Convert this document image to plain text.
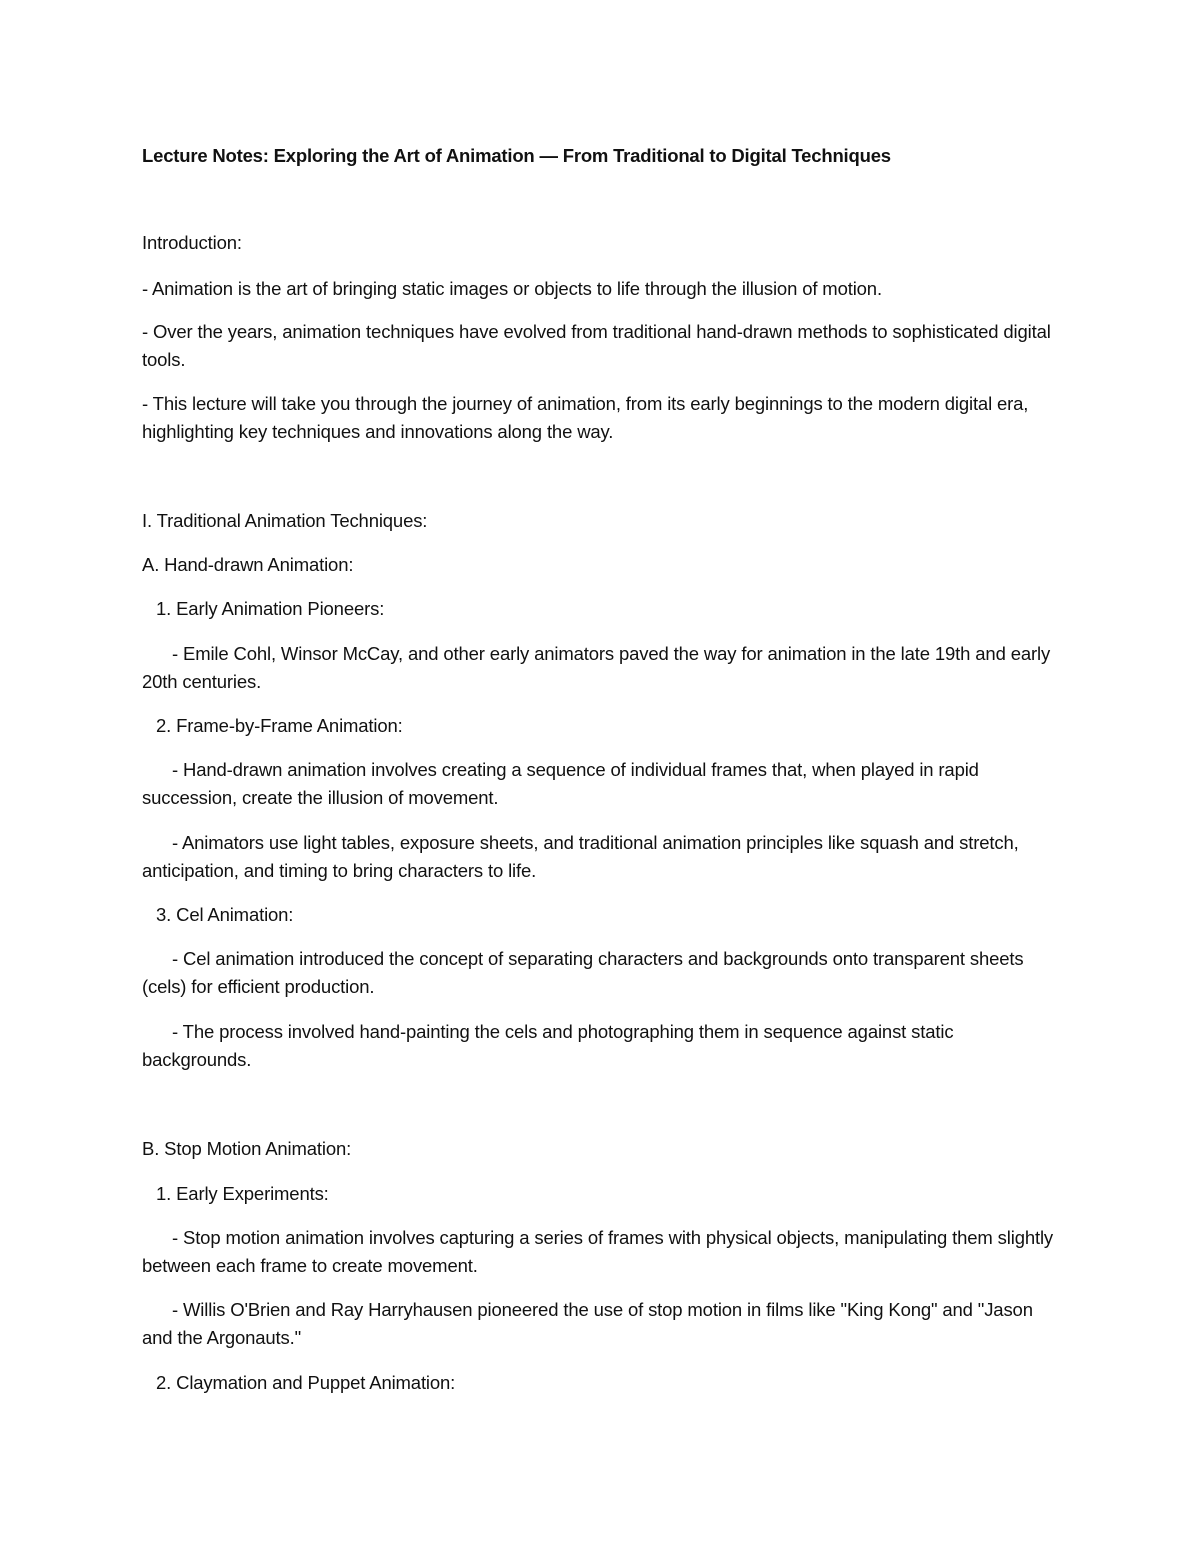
Lecture Notes: Exploring the Art of Animation — From Traditional to Digital Techniques

Introduction:

- Animation is the art of bringing static images or objects to life through the illusion of motion.

- Over the years, animation techniques have evolved from traditional hand-drawn methods to sophisticated digital tools.

- This lecture will take you through the journey of animation, from its early beginnings to the modern digital era, highlighting key techniques and innovations along the way.

I. Traditional Animation Techniques:

A. Hand-drawn Animation:

1. Early Animation Pioneers:

- Emile Cohl, Winsor McCay, and other early animators paved the way for animation in the late 19th and early 20th centuries.

2. Frame-by-Frame Animation:

- Hand-drawn animation involves creating a sequence of individual frames that, when played in rapid succession, create the illusion of movement.

- Animators use light tables, exposure sheets, and traditional animation principles like squash and stretch, anticipation, and timing to bring characters to life.

3. Cel Animation:

- Cel animation introduced the concept of separating characters and backgrounds onto transparent sheets (cels) for efficient production.

- The process involved hand-painting the cels and photographing them in sequence against static backgrounds.

B. Stop Motion Animation:

1. Early Experiments:

- Stop motion animation involves capturing a series of frames with physical objects, manipulating them slightly between each frame to create movement.

- Willis O'Brien and Ray Harryhausen pioneered the use of stop motion in films like "King Kong" and "Jason and the Argonauts."

2. Claymation and Puppet Animation:
